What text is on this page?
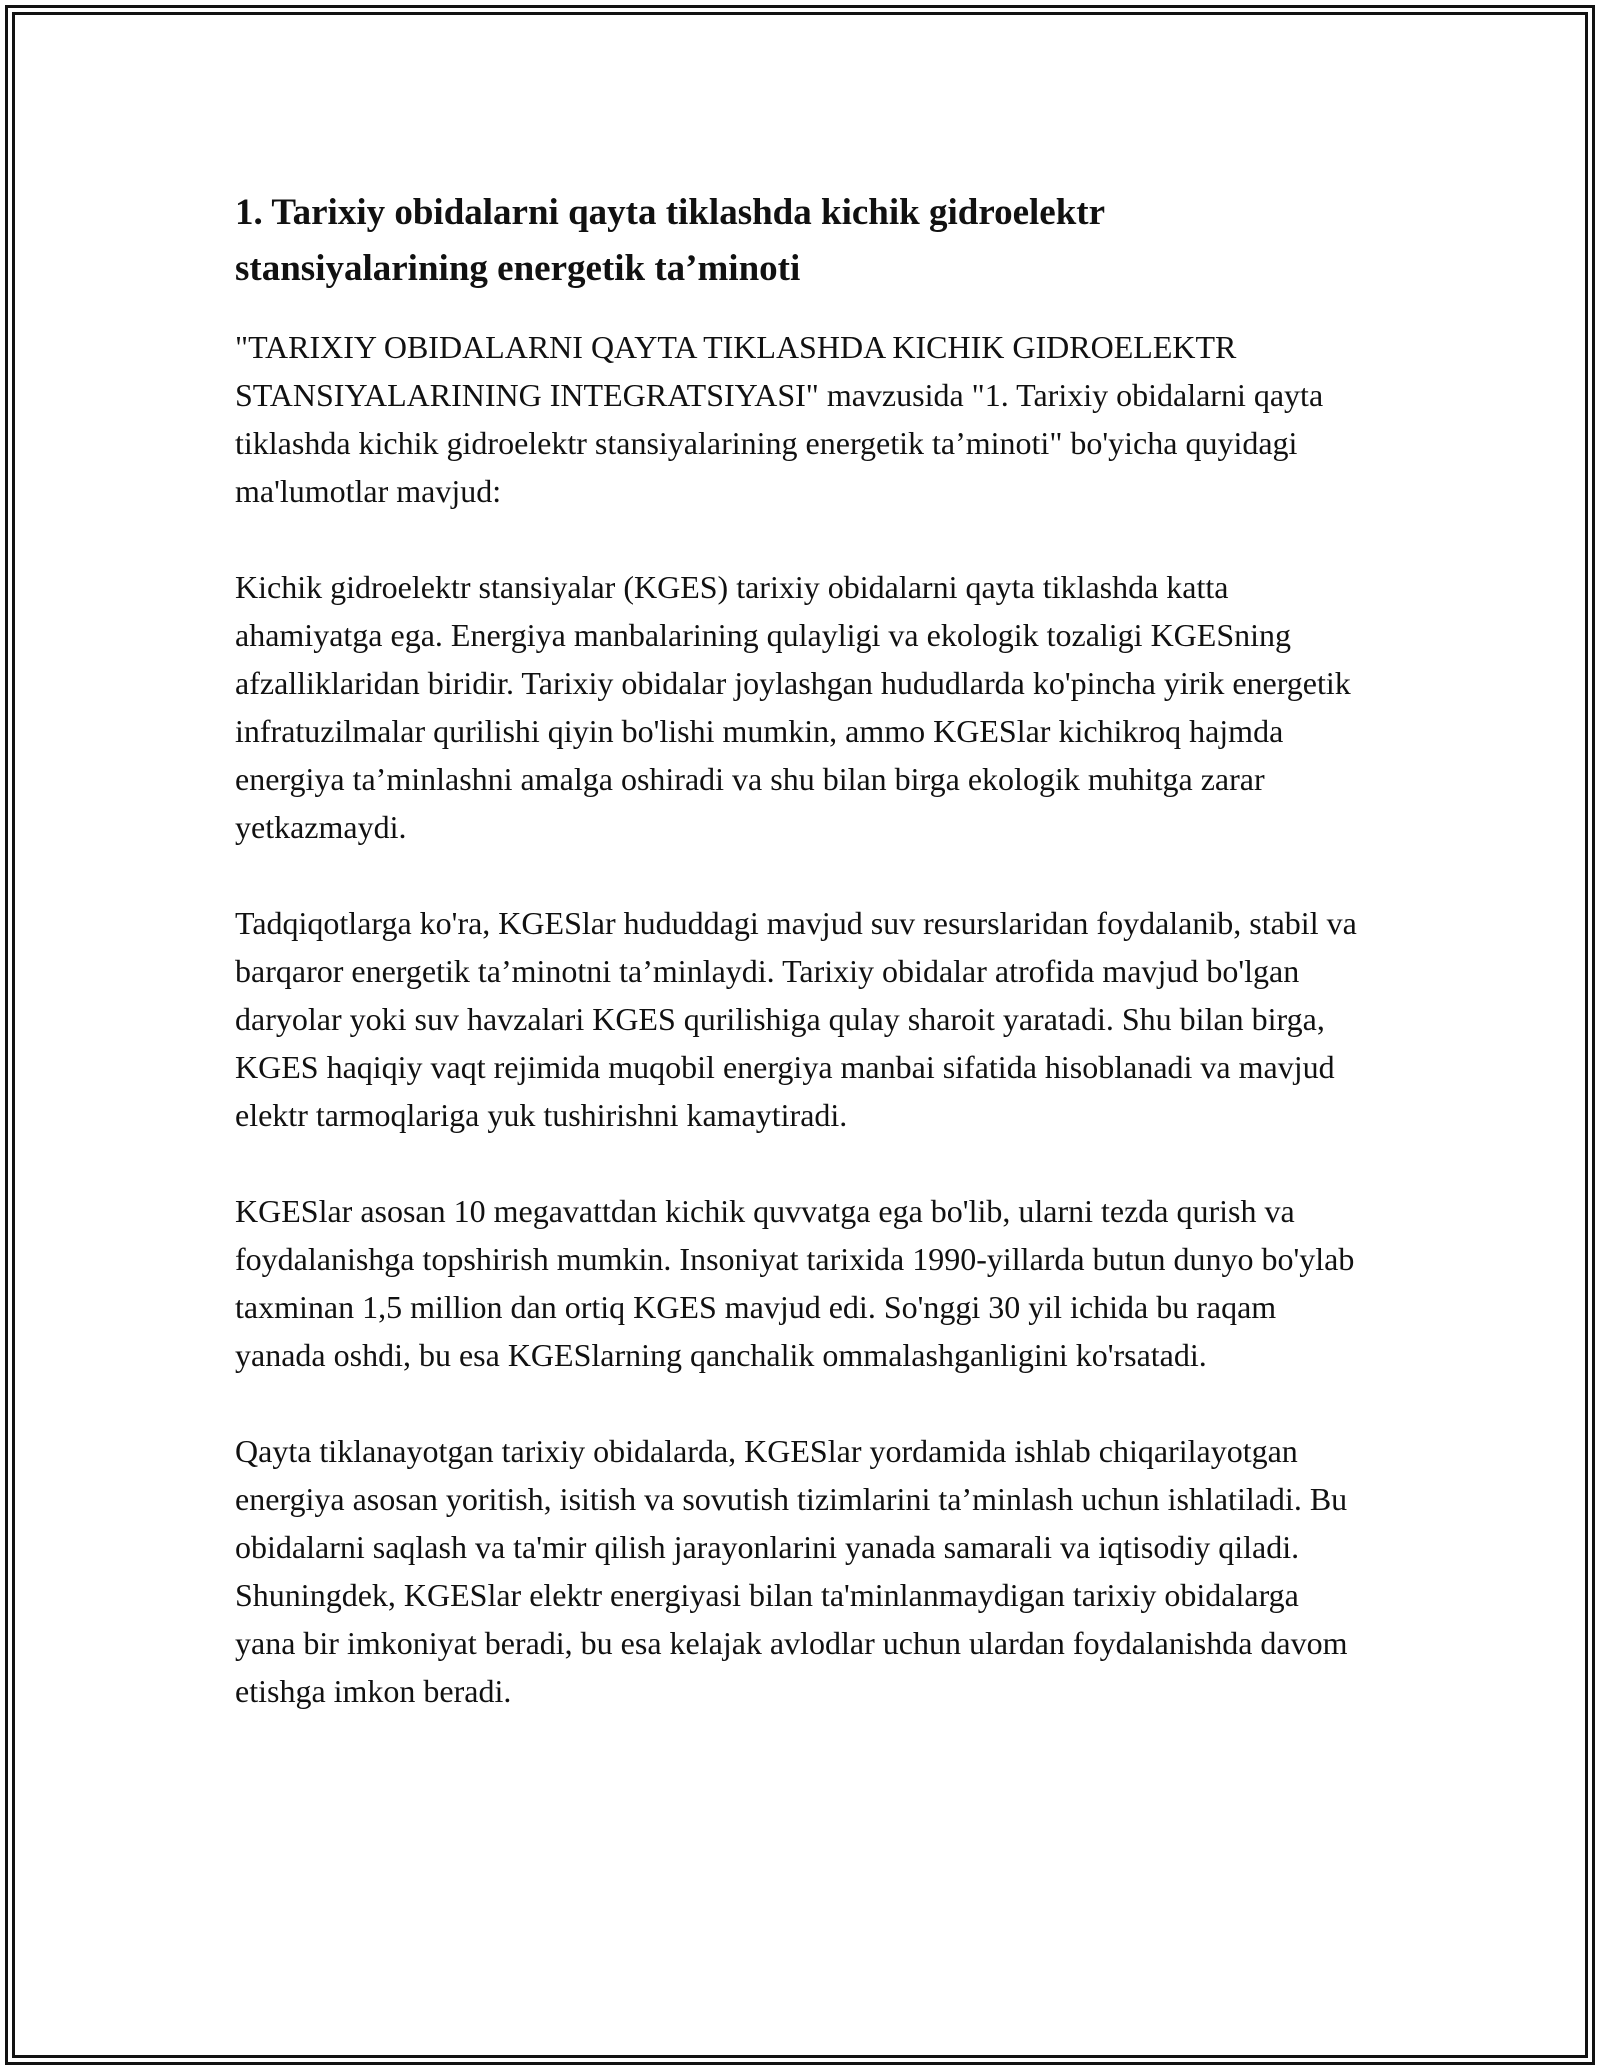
1. Tarixiy obidalarni qayta tiklashda kichik gidroelektr stansiyalarining energetik ta’minoti

"TARIXIY OBIDALARNI QAYTA TIKLASHDA KICHIK GIDROELEKTR STANSIYALARINING INTEGRATSIYASI" mavzusida "1. Tarixiy obidalarni qayta tiklashda kichik gidroelektr stansiyalarining energetik ta’minoti" bo'yicha quyidagi ma'lumotlar mavjud:

Kichik gidroelektr stansiyalar (KGES) tarixiy obidalarni qayta tiklashda katta ahamiyatga ega. Energiya manbalarining qulayligi va ekologik tozaligi KGESning afzalliklaridan biridir. Tarixiy obidalar joylashgan hududlarda ko'pincha yirik energetik infratuzilmalar qurilishi qiyin bo'lishi mumkin, ammo KGESlar kichikroq hajmda energiya ta’minlashni amalga oshiradi va shu bilan birga ekologik muhitga zarar yetkazmaydi.

Tadqiqotlarga ko'ra, KGESlar hududdagi mavjud suv resurslaridan foydalanib, stabil va barqaror energetik ta’minotni ta’minlaydi. Tarixiy obidalar atrofida mavjud bo'lgan daryolar yoki suv havzalari KGES qurilishiga qulay sharoit yaratadi. Shu bilan birga, KGES haqiqiy vaqt rejimida muqobil energiya manbai sifatida hisoblanadi va mavjud elektr tarmoqlariga yuk tushirishni kamaytiradi.

KGESlar asosan 10 megavattdan kichik quvvatga ega bo'lib, ularni tezda qurish va foydalanishga topshirish mumkin. Insoniyat tarixida 1990-yillarda butun dunyo bo'ylab taxminan 1,5 million dan ortiq KGES mavjud edi. So'nggi 30 yil ichida bu raqam yanada oshdi, bu esa KGESlarning qanchalik ommalashganligini ko'rsatadi.

Qayta tiklanayotgan tarixiy obidalarda, KGESlar yordamida ishlab chiqarilayotgan energiya asosan yoritish, isitish va sovutish tizimlarini ta’minlash uchun ishlatiladi. Bu obidalarni saqlash va ta'mir qilish jarayonlarini yanada samarali va iqtisodiy qiladi. Shuningdek, KGESlar elektr energiyasi bilan ta'minlanmaydigan tarixiy obidalarga yana bir imkoniyat beradi, bu esa kelajak avlodlar uchun ulardan foydalanishda davom etishga imkon beradi.
